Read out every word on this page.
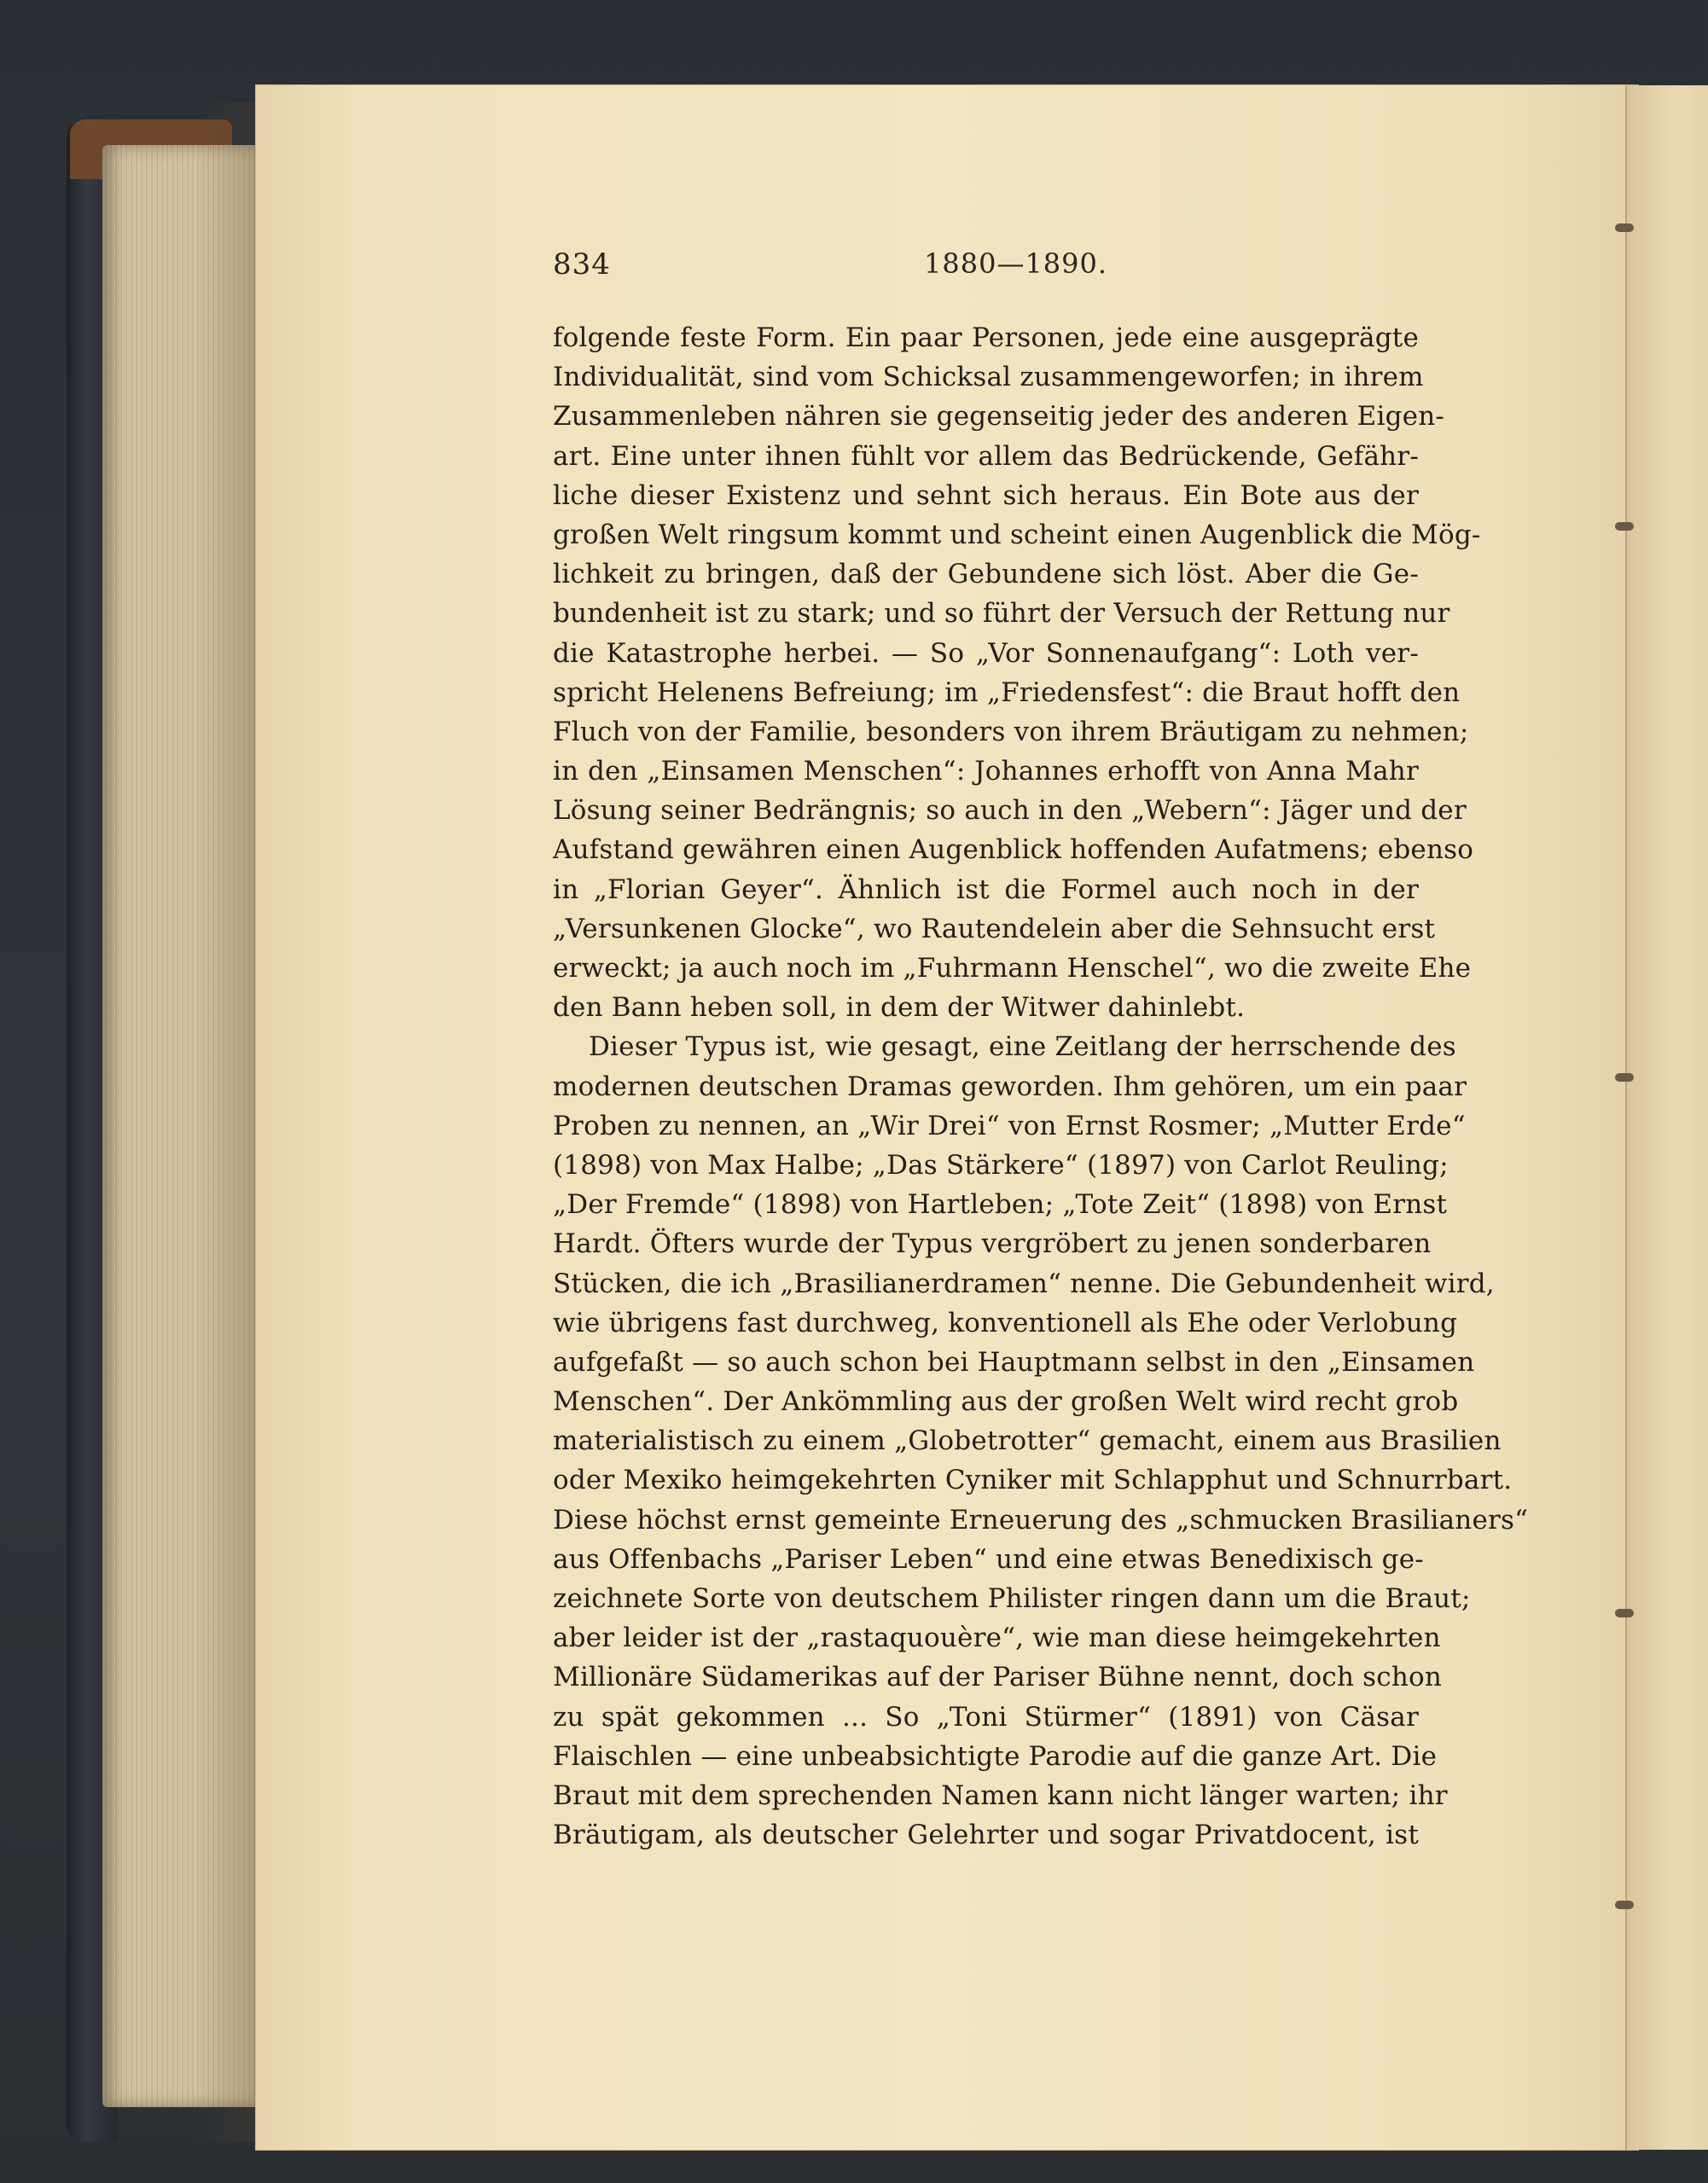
834	1880—1890.
folgende feste Form. Ein paar Personen, jede eine ausgeprägte
Individualität, sind vom Schicksal zusammengeworfen; in ihrem
Zusammenleben nähren sie gegenseitig jeder des anderen Eigen-
art. Eine unter ihnen fühlt vor allem das Bedrückende, Gefähr-
liche dieser Existenz und sehnt sich heraus. Ein Bote aus der
großen Welt ringsum kommt und scheint einen Augenblick die Mög-
lichkeit zu bringen, daß der Gebundene sich löst. Aber die Ge-
bundenheit ist zu stark; und so führt der Versuch der Rettung nur
die Katastrophe herbei. — So „Vor Sonnenaufgang“: Loth ver-
spricht Helenens Befreiung; im „Friedensfest“: die Braut hofft den
Fluch von der Familie, besonders von ihrem Bräutigam zu nehmen;
in den „Einsamen Menschen“: Johannes erhofft von Anna Mahr
Lösung seiner Bedrängnis; so auch in den „Webern“: Jäger und der
Aufstand gewähren einen Augenblick hoffenden Aufatmens; ebenso
in „Florian Geyer“. Ähnlich ist die Formel auch noch in der
„Versunkenen Glocke“, wo Rautendelein aber die Sehnsucht erst
erweckt; ja auch noch im „Fuhrmann Henschel“, wo die zweite Ehe
den Bann heben soll, in dem der Witwer dahinlebt.
Dieser Typus ist, wie gesagt, eine Zeitlang der herrschende des
modernen deutschen Dramas geworden. Ihm gehören, um ein paar
Proben zu nennen, an „Wir Drei“ von Ernst Rosmer; „Mutter Erde“
(1898) von Max Halbe; „Das Stärkere“ (1897) von Carlot Reuling;
„Der Fremde“ (1898) von Hartleben; „Tote Zeit“ (1898) von Ernst
Hardt. Öfters wurde der Typus vergröbert zu jenen sonderbaren
Stücken, die ich „Brasilianerdramen“ nenne. Die Gebundenheit wird,
wie übrigens fast durchweg, konventionell als Ehe oder Verlobung
aufgefaßt — so auch schon bei Hauptmann selbst in den „Einsamen
Menschen“. Der Ankömmling aus der großen Welt wird recht grob
materialistisch zu einem „Globetrotter“ gemacht, einem aus Brasilien
oder Mexiko heimgekehrten Cyniker mit Schlapphut und Schnurrbart.
Diese höchst ernst gemeinte Erneuerung des „schmucken Brasilianers“
aus Offenbachs „Pariser Leben“ und eine etwas Benedixisch ge-
zeichnete Sorte von deutschem Philister ringen dann um die Braut;
aber leider ist der „rastaquouère“, wie man diese heimgekehrten
Millionäre Südamerikas auf der Pariser Bühne nennt, doch schon
zu spät gekommen ... So „Toni Stürmer“ (1891) von Cäsar
Flaischlen — eine unbeabsichtigte Parodie auf die ganze Art. Die
Braut mit dem sprechenden Namen kann nicht länger warten; ihr
Bräutigam, als deutscher Gelehrter und sogar Privatdocent, ist
